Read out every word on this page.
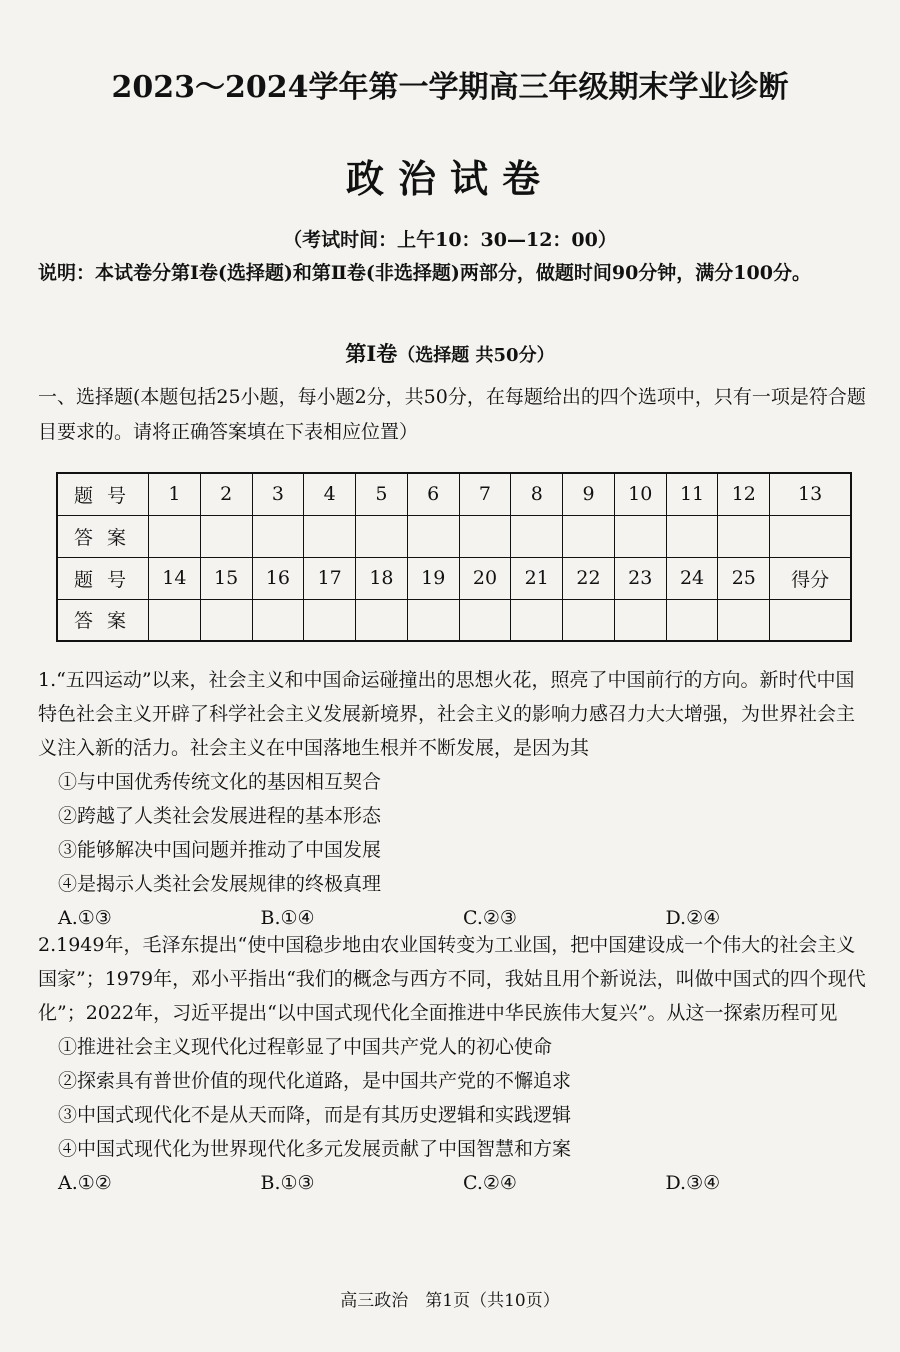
2023～2024学年第一学期高三年级期末学业诊断
政治试卷
（考试时间：上午10：30—12：00）
说明：本试卷分第Ⅰ卷(选择题)和第Ⅱ卷(非选择题)两部分，做题时间90分钟，满分100分。
第Ⅰ卷（选择题 共50分）
一、选择题(本题包括25小题，每小题2分，共50分，在每题给出的四个选项中，只有一项是符合题目要求的。请将正确答案填在下表相应位置）
题号	1	2	3	4	5	6	7	8	9	10	11	12	13
答案													
题号	14	15	16	17	18	19	20	21	22	23	24	25	得分
答案													
1.“五四运动”以来，社会主义和中国命运碰撞出的思想火花，照亮了中国前行的方向。新时代中国特色社会主义开辟了科学社会主义发展新境界，社会主义的影响力感召力大大增强，为世界社会主义注入新的活力。社会主义在中国落地生根并不断发展，是因为其
①与中国优秀传统文化的基因相互契合
②跨越了人类社会发展进程的基本形态
③能够解决中国问题并推动了中国发展
④是揭示人类社会发展规律的终极真理
A.①③	B.①④	C.②③	D.②④
2.1949年，毛泽东提出“使中国稳步地由农业国转变为工业国，把中国建设成一个伟大的社会主义国家”；1979年，邓小平指出“我们的概念与西方不同，我姑且用个新说法，叫做中国式的四个现代化”；2022年，习近平提出“以中国式现代化全面推进中华民族伟大复兴”。从这一探索历程可见
①推进社会主义现代化过程彰显了中国共产党人的初心使命
②探索具有普世价值的现代化道路，是中国共产党的不懈追求
③中国式现代化不是从天而降，而是有其历史逻辑和实践逻辑
④中国式现代化为世界现代化多元发展贡献了中国智慧和方案
A.①②	B.①③	C.②④	D.③④
高三政治　第1页（共10页）
